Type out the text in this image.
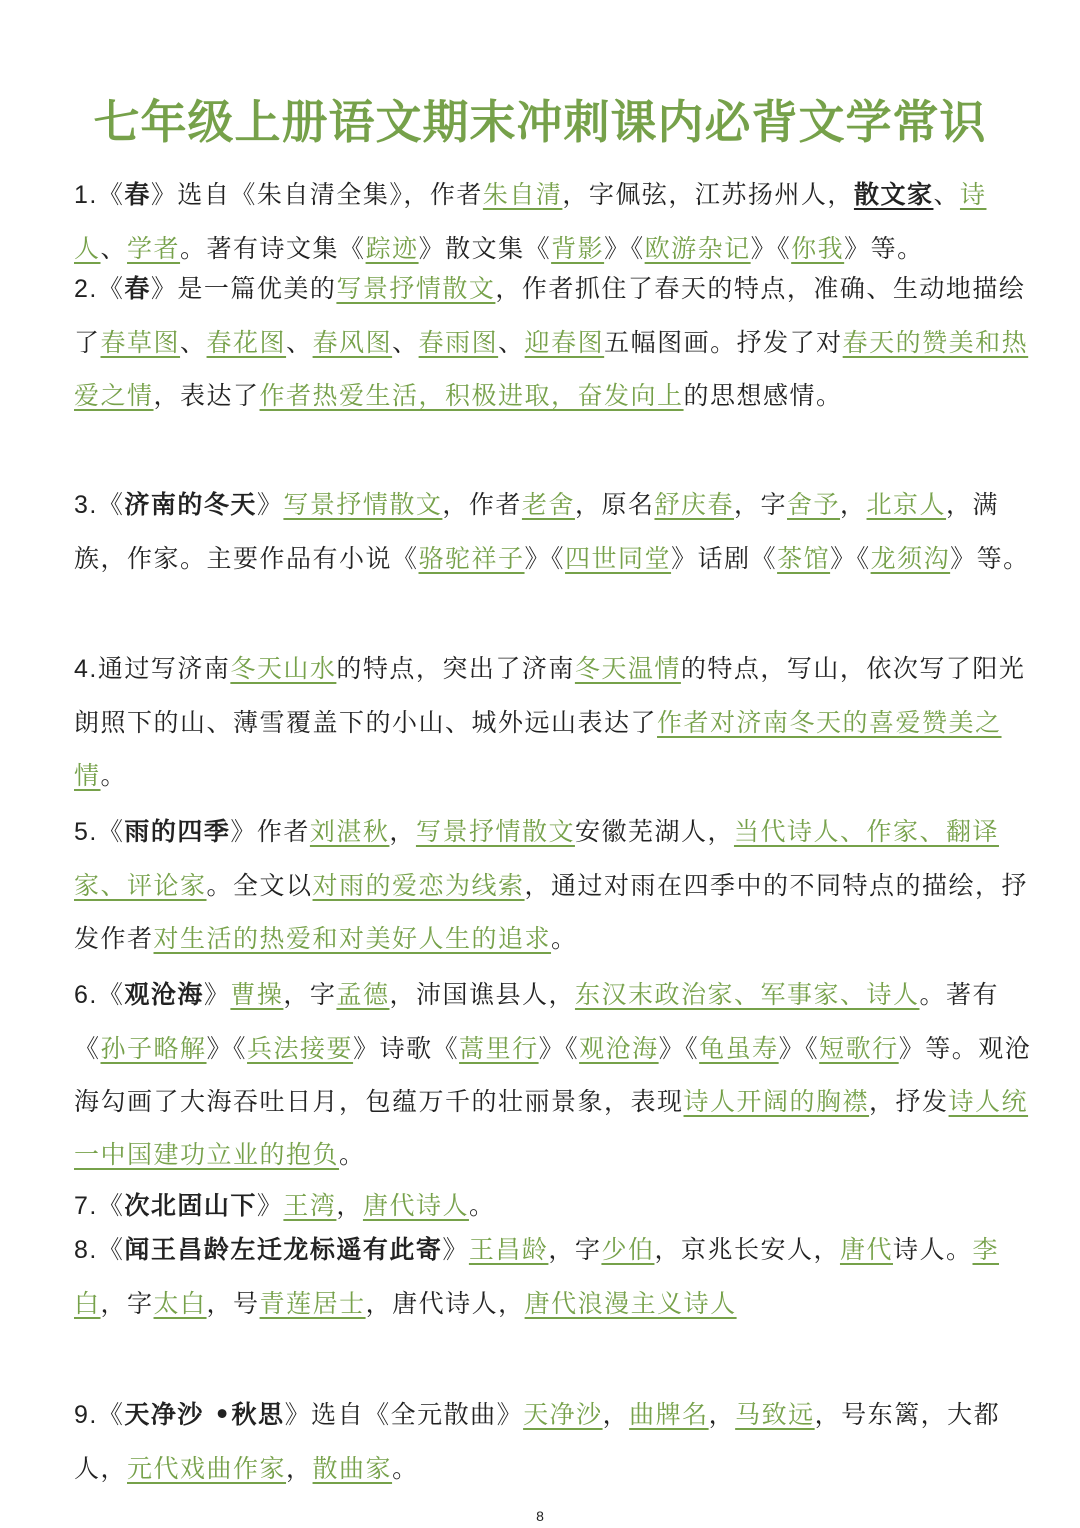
七年级上册语文期末冲刺课内必背文学常识
1.《春》选自《朱自清全集》，作者朱自清，字佩弦，江苏扬州人，散文家、诗人、学者。著有诗文集《踪迹》散文集《背影》《欧游杂记》《你我》等。
2.《春》是一篇优美的写景抒情散文，作者抓住了春天的特点，准确、生动地描绘了春草图、春花图、春风图、春雨图、迎春图五幅图画。抒发了对春天的赞美和热爱之情，表达了作者热爱生活，积极进取，奋发向上的思想感情。
3.《济南的冬天》写景抒情散文，作者老舍，原名舒庆春，字舍予，北京人，满族，作家。主要作品有小说《骆驼祥子》《四世同堂》话剧《茶馆》《龙须沟》等。
4.通过写济南冬天山水的特点，突出了济南冬天温情的特点，写山，依次写了阳光朗照下的山、薄雪覆盖下的小山、城外远山表达了作者对济南冬天的喜爱赞美之情。
5.《雨的四季》作者刘湛秋，写景抒情散文安徽芜湖人，当代诗人、作家、翻译家、评论家。全文以对雨的爱恋为线索，通过对雨在四季中的不同特点的描绘，抒发作者对生活的热爱和对美好人生的追求。
6.《观沧海》曹操，字孟德，沛国谯县人，东汉末政治家、军事家、诗人。著有《孙子略解》《兵法接要》诗歌《蒿里行》《观沧海》《龟虽寿》《短歌行》等。观沧海勾画了大海吞吐日月，包蕴万千的壮丽景象，表现诗人开阔的胸襟，抒发诗人统一中国建功立业的抱负。
7.《次北固山下》王湾，唐代诗人。
8.《闻王昌龄左迁龙标遥有此寄》王昌龄，字少伯，京兆长安人，唐代诗人。李白，字太白，号青莲居士，唐代诗人，唐代浪漫主义诗人
9.《天净沙 •秋思》选自《全元散曲》天净沙，曲牌名，马致远，号东篱，大都人，元代戏曲作家，散曲家。
8
